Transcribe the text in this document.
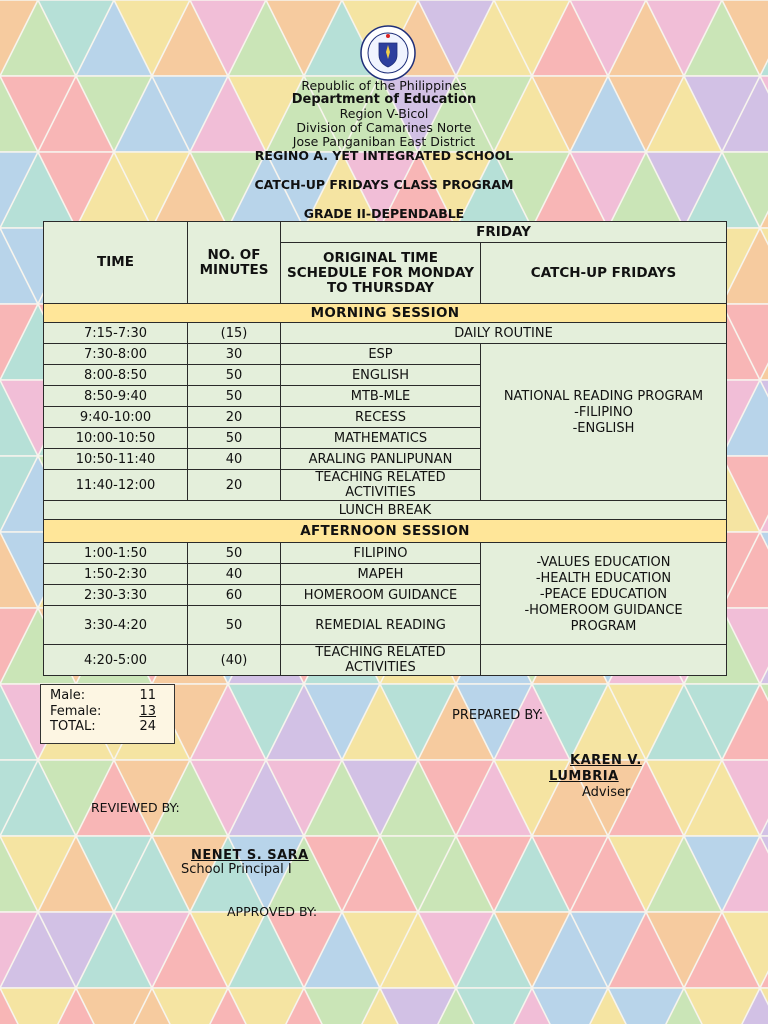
Republic of the Philippines
Department of Education
Region V-Bicol
Division of Camarines Norte
Jose Panganiban East District
REGINO A. YET INTEGRATED SCHOOL
CATCH-UP FRIDAYS CLASS PROGRAM
GRADE II-DEPENDABLE
TIME	NO. OF MINUTES	FRIDAY	
		ORIGINAL TIME SCHEDULE FOR MONDAY TO THURSDAY	CATCH-UP FRIDAYS
MORNING SESSION			
7:15-7:30	(15)	DAILY ROUTINE	
7:30-8:00	30	ESP	NATIONAL READING PROGRAM
-FILIPINO
-ENGLISH

8:00-8:50	50	ENGLISH	
8:50-9:40	50	MTB-MLE	
9:40-10:00	20	RECESS	
10:00-10:50	50	MATHEMATICS	
10:50-11:40	40	ARALING PANLIPUNAN	
11:40-12:00	20	TEACHING RELATED ACTIVITIES	
LUNCH BREAK			
AFTERNOON SESSION			
1:00-1:50	50	FILIPINO	-VALUES EDUCATION
-HEALTH EDUCATION
-PEACE EDUCATION
-HOMEROOM GUIDANCE PROGRAM

1:50-2:30	40	MAPEH	
2:30-3:30	60	HOMEROOM GUIDANCE	
3:30-4:20	50	REMEDIAL READING	
4:20-5:00	(40)	TEACHING RELATED ACTIVITIES	
Male:	11
Female:	13
TOTAL:	24
PREPARED BY:
KAREN V.
LUMBRIA
Adviser
REVIEWED BY:
NENET S. SARA
School Principal I
APPROVED BY:
